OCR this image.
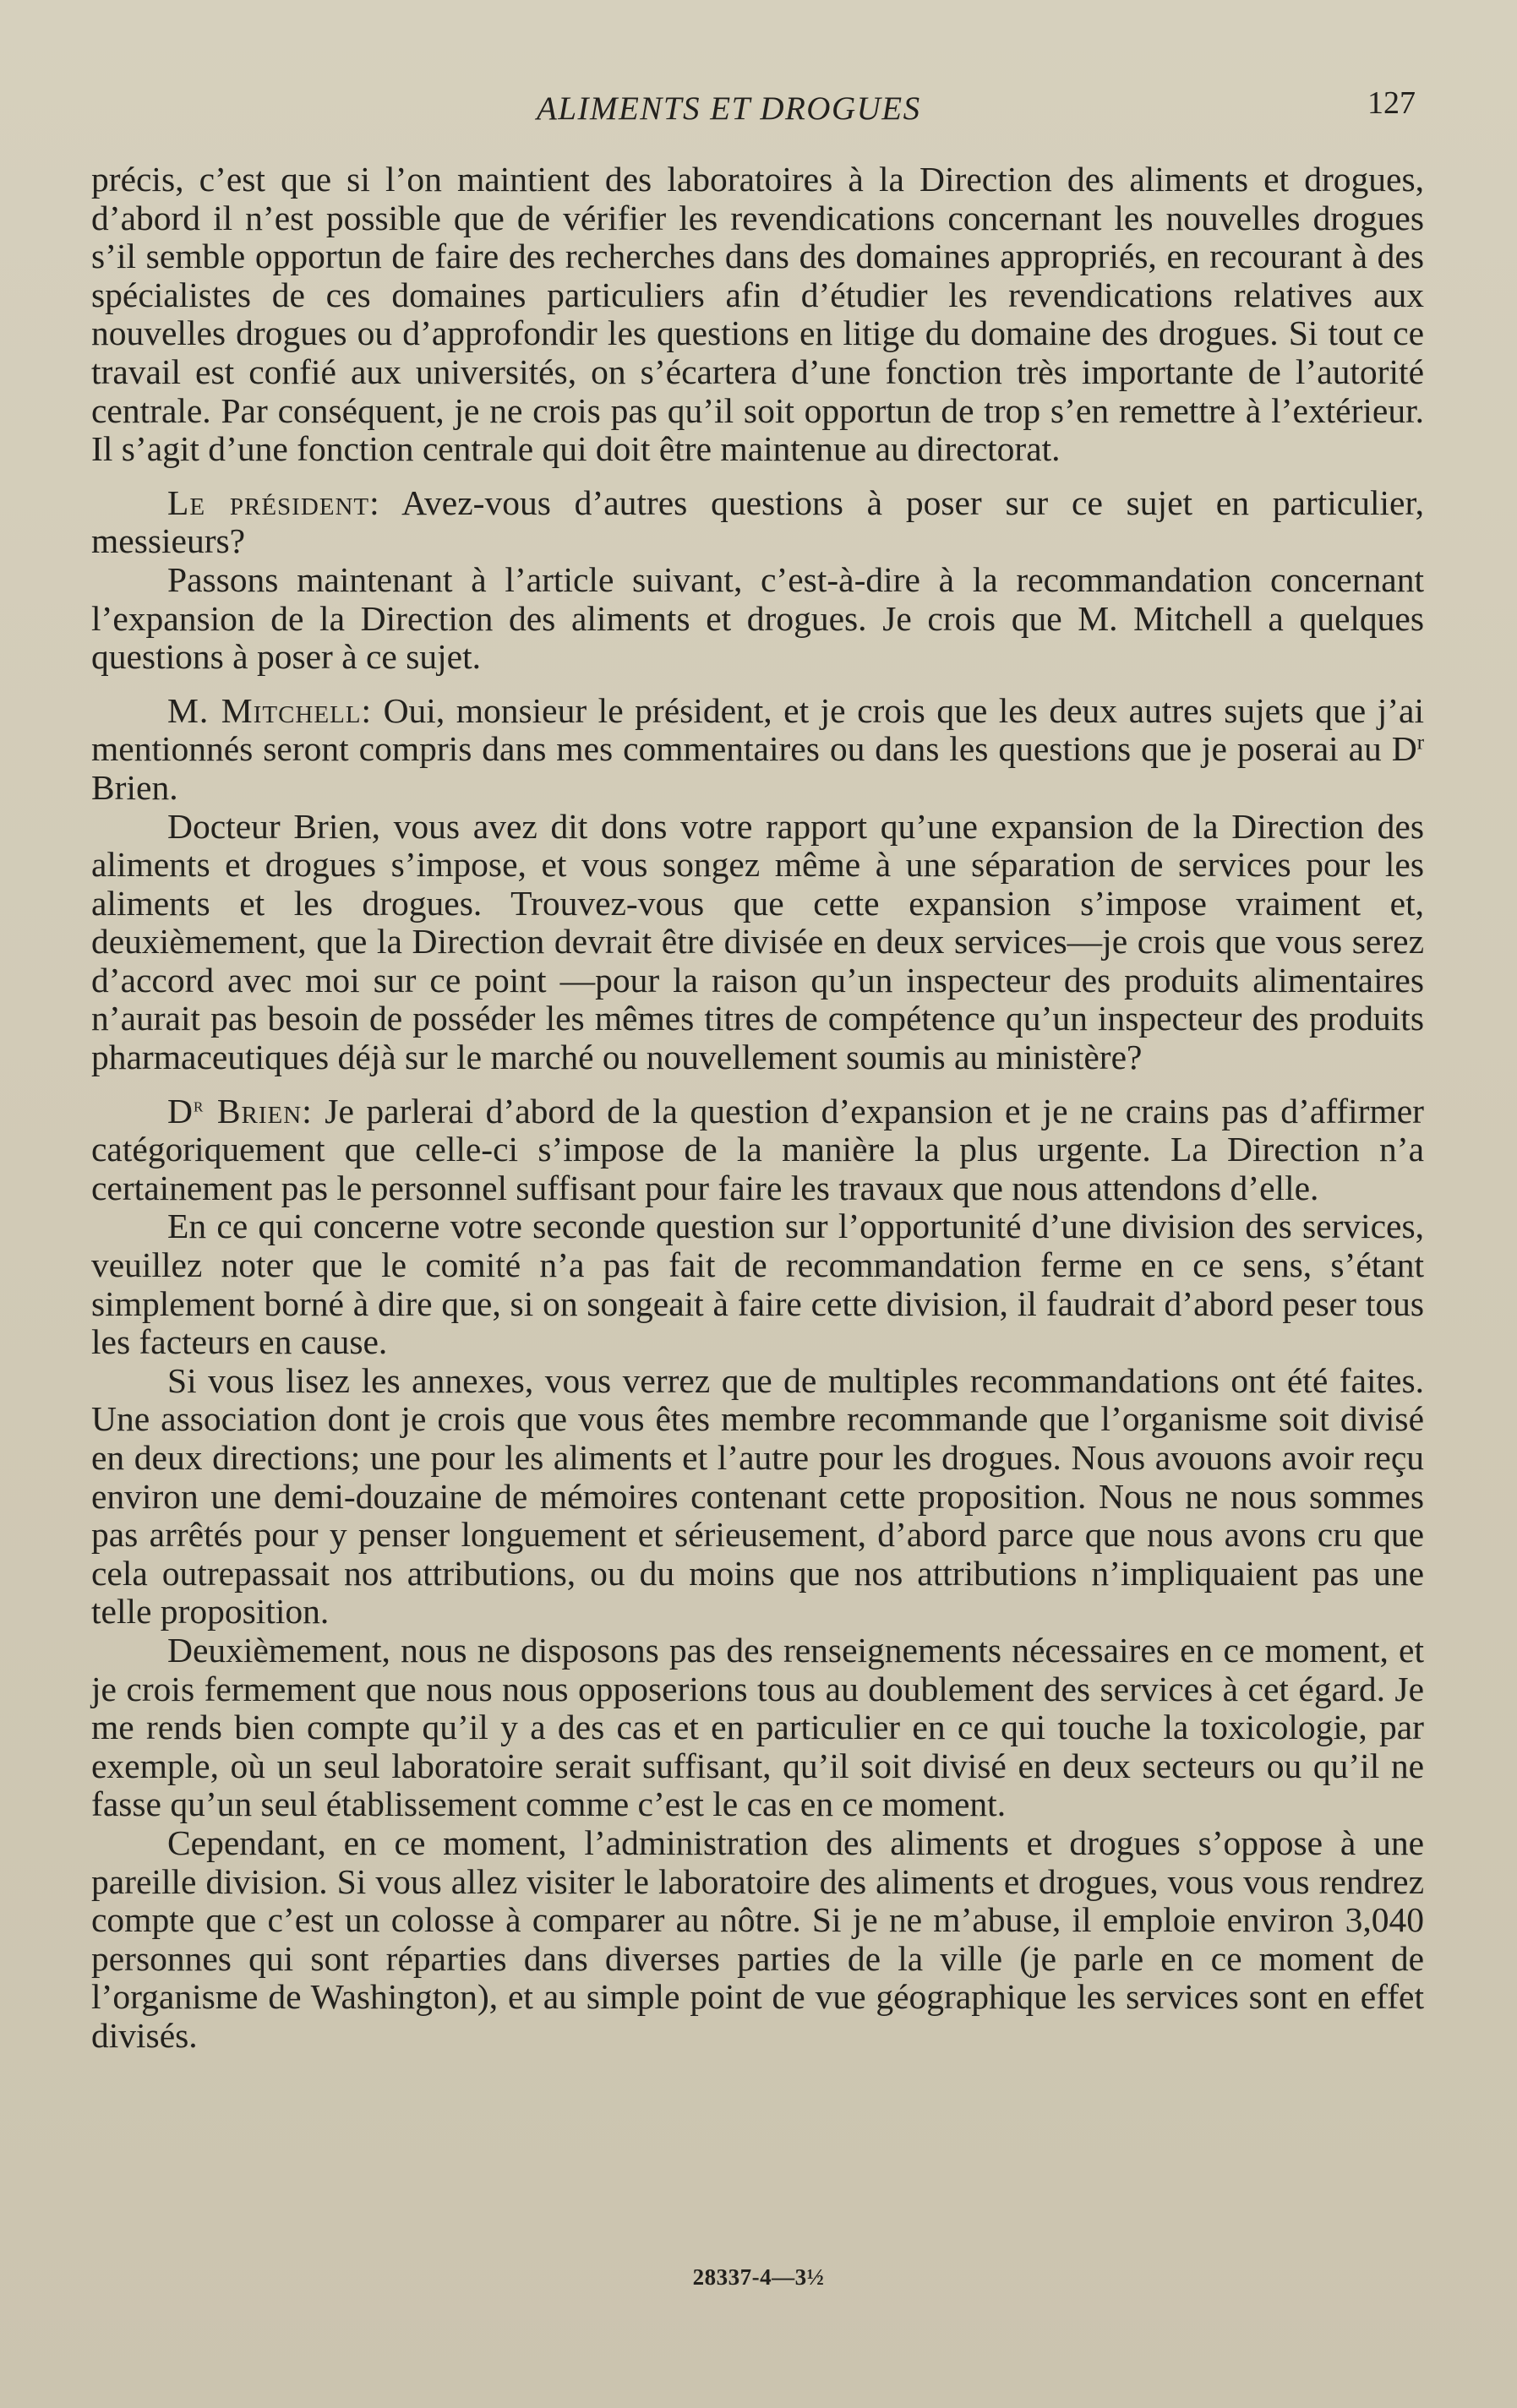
ALIMENTS ET DROGUES	127

précis, c’est que si l’on maintient des laboratoires à la Direction des aliments et drogues, d’abord il n’est possible que de vérifier les revendications concernant les nouvelles drogues s’il semble opportun de faire des recherches dans des domaines appropriés, en recourant à des spécialistes de ces domaines particuliers afin d’étudier les revendications relatives aux nouvelles drogues ou d’approfondir les questions en litige du domaine des drogues. Si tout ce travail est confié aux universités, on s’écartera d’une fonction très importante de l’autorité centrale. Par conséquent, je ne crois pas qu’il soit opportun de trop s’en remettre à l’extérieur. Il s’agit d’une fonction centrale qui doit être maintenue au directorat.

Le président: Avez-vous d’autres questions à poser sur ce sujet en particulier, messieurs?

Passons maintenant à l’article suivant, c’est-à-dire à la recommandation concernant l’expansion de la Direction des aliments et drogues. Je crois que M. Mitchell a quelques questions à poser à ce sujet.

M. Mitchell: Oui, monsieur le président, et je crois que les deux autres sujets que j’ai mentionnés seront compris dans mes commentaires ou dans les questions que je poserai au $D^r$ Brien.

Docteur Brien, vous avez dit dons votre rapport qu’une expansion de la Direction des aliments et drogues s’impose, et vous songez même à une séparation de services pour les aliments et les drogues. Trouvez-vous que cette expansion s’impose vraiment et, deuxièmement, que la Direction devrait être divisée en deux services—je crois que vous serez d’accord avec moi sur ce point —pour la raison qu’un inspecteur des produits alimentaires n’aurait pas besoin de posséder les mêmes titres de compétence qu’un inspecteur des produits pharmaceutiques déjà sur le marché ou nouvellement soumis au ministère?

$D^r$ Brien: Je parlerai d’abord de la question d’expansion et je ne crains pas d’affirmer catégoriquement que celle-ci s’impose de la manière la plus urgente. La Direction n’a certainement pas le personnel suffisant pour faire les travaux que nous attendons d’elle.

En ce qui concerne votre seconde question sur l’opportunité d’une division des services, veuillez noter que le comité n’a pas fait de recommandation ferme en ce sens, s’étant simplement borné à dire que, si on songeait à faire cette division, il faudrait d’abord peser tous les facteurs en cause.

Si vous lisez les annexes, vous verrez que de multiples recommandations ont été faites. Une association dont je crois que vous êtes membre recommande que l’organisme soit divisé en deux directions; une pour les aliments et l’autre pour les drogues. Nous avouons avoir reçu environ une demi-douzaine de mémoires contenant cette proposition. Nous ne nous sommes pas arrêtés pour y penser longuement et sérieusement, d’abord parce que nous avons cru que cela outrepassait nos attributions, ou du moins que nos attributions n’impliquaient pas une telle proposition.

Deuxièmement, nous ne disposons pas des renseignements nécessaires en ce moment, et je crois fermement que nous nous opposerions tous au doublement des services à cet égard. Je me rends bien compte qu’il y a des cas et en particulier en ce qui touche la toxicologie, par exemple, où un seul laboratoire serait suffisant, qu’il soit divisé en deux secteurs ou qu’il ne fasse qu’un seul établissement comme c’est le cas en ce moment.

Cependant, en ce moment, l’administration des aliments et drogues s’oppose à une pareille division. Si vous allez visiter le laboratoire des aliments et drogues, vous vous rendrez compte que c’est un colosse à comparer au nôtre. Si je ne m’abuse, il emploie environ 3,040 personnes qui sont réparties dans diverses parties de la ville (je parle en ce moment de l’organisme de Washington), et au simple point de vue géographique les services sont en effet divisés.

28337-4—3½
